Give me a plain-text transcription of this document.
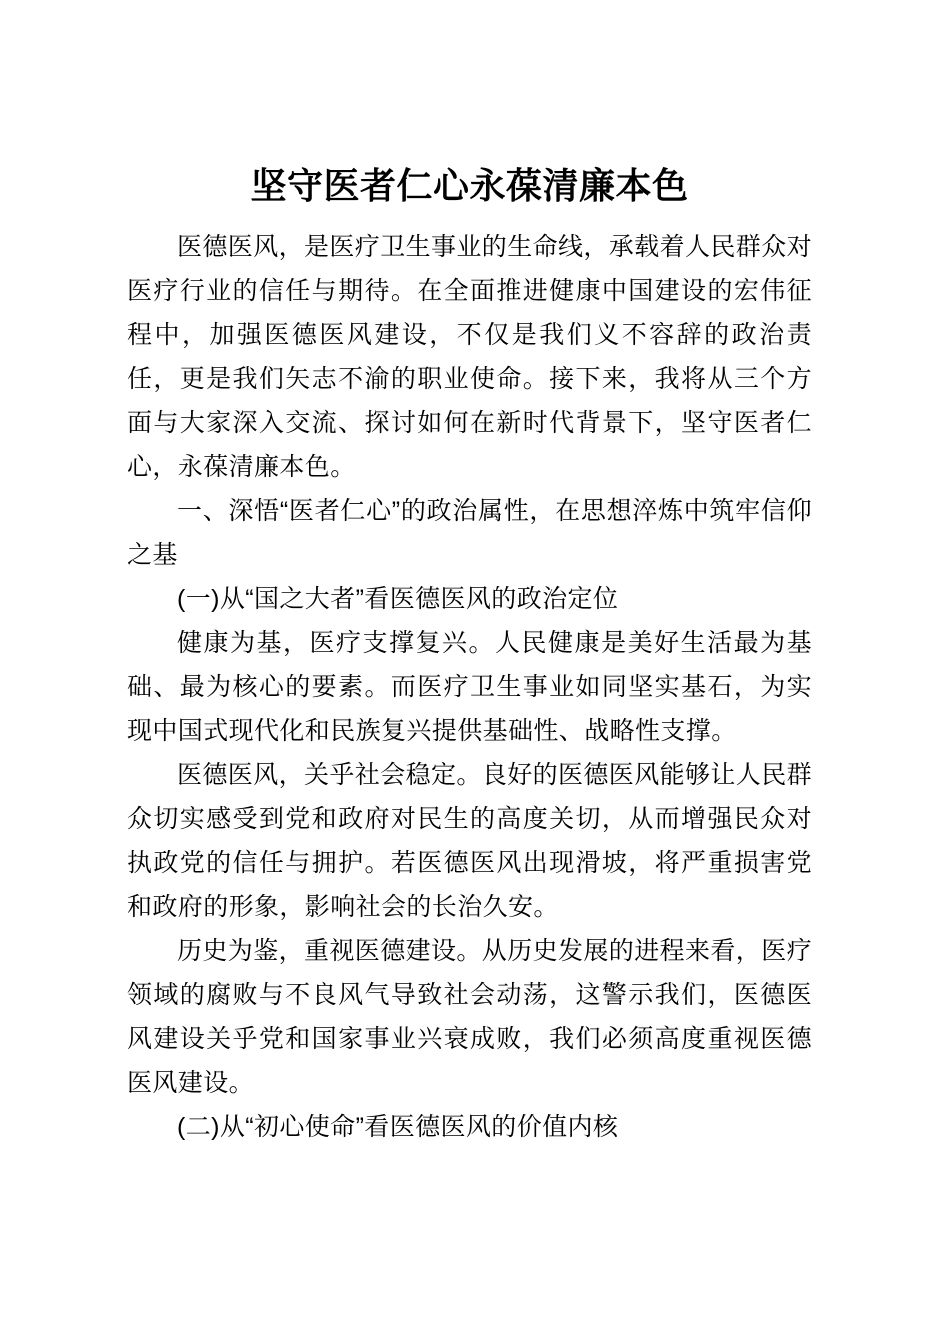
坚守医者仁心永葆清廉本色

医德医风，是医疗卫生事业的生命线，承载着人民群众对医疗行业的信任与期待。在全面推进健康中国建设的宏伟征程中，加强医德医风建设，不仅是我们义不容辞的政治责任，更是我们矢志不渝的职业使命。接下来，我将从三个方面与大家深入交流、探讨如何在新时代背景下，坚守医者仁心，永葆清廉本色。

一、深悟“医者仁心”的政治属性，在思想淬炼中筑牢信仰之基

(一)从“国之大者”看医德医风的政治定位

健康为基，医疗支撑复兴。人民健康是美好生活最为基础、最为核心的要素。而医疗卫生事业如同坚实基石，为实现中国式现代化和民族复兴提供基础性、战略性支撑。

医德医风，关乎社会稳定。良好的医德医风能够让人民群众切实感受到党和政府对民生的高度关切，从而增强民众对执政党的信任与拥护。若医德医风出现滑坡，将严重损害党和政府的形象，影响社会的长治久安。

历史为鉴，重视医德建设。从历史发展的进程来看，医疗领域的腐败与不良风气导致社会动荡，这警示我们，医德医风建设关乎党和国家事业兴衰成败，我们必须高度重视医德医风建设。

(二)从“初心使命”看医德医风的价值内核
